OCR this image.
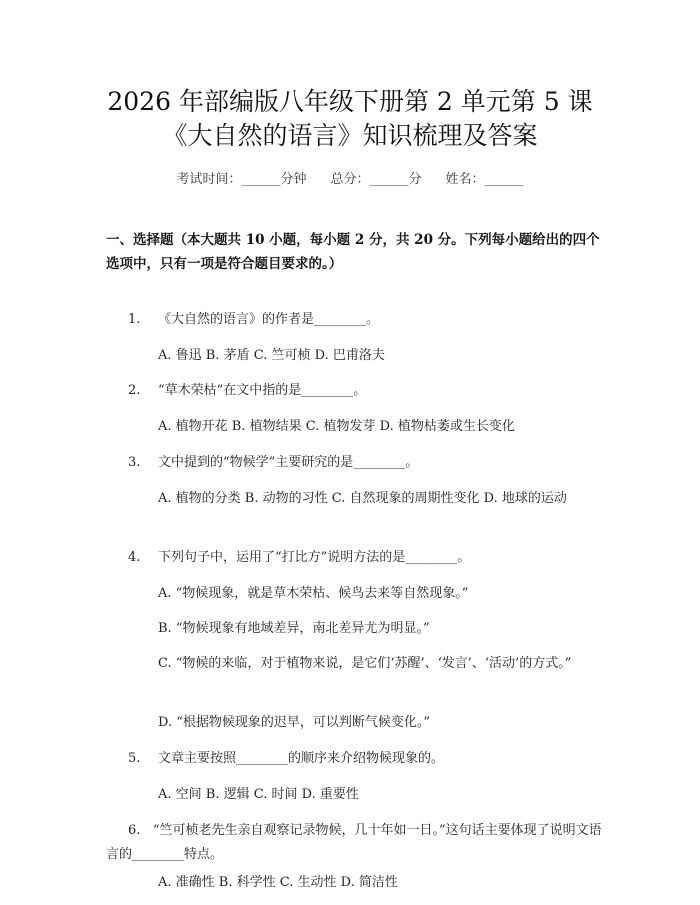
2026 年部编版八年级下册第 2 单元第 5 课
《大自然的语言》知识梳理及答案
考试时间：______分钟 总分：______分 姓名：______
一、选择题（本大题共 10 小题，每小题 2 分，共 20 分。下列每小题给出的四个选项中，只有一项是符合题目要求的。）
1. 《大自然的语言》的作者是________。
A. 鲁迅 B. 茅盾 C. 竺可桢 D. 巴甫洛夫
2. “草木荣枯”在文中指的是________。
A. 植物开花 B. 植物结果 C. 植物发芽 D. 植物枯萎或生长变化
3. 文中提到的“物候学”主要研究的是________。
A. 植物的分类 B. 动物的习性 C. 自然现象的周期性变化 D. 地球的运动
4. 下列句子中，运用了“打比方”说明方法的是________。
A. “物候现象，就是草木荣枯、候鸟去来等自然现象。”
B. “物候现象有地域差异，南北差异尤为明显。”
C. “物候的来临，对于植物来说，是它们‘苏醒’、‘发言’、‘活动’的方式。”
D. “根据物候现象的迟早，可以判断气候变化。”
5. 文章主要按照________的顺序来介绍物候现象的。
A. 空间 B. 逻辑 C. 时间 D. 重要性
6. “竺可桢老先生亲自观察记录物候，几十年如一日。”这句话主要体现了说明文语言的________特点。
A. 准确性 B. 科学性 C. 生动性 D. 简洁性
